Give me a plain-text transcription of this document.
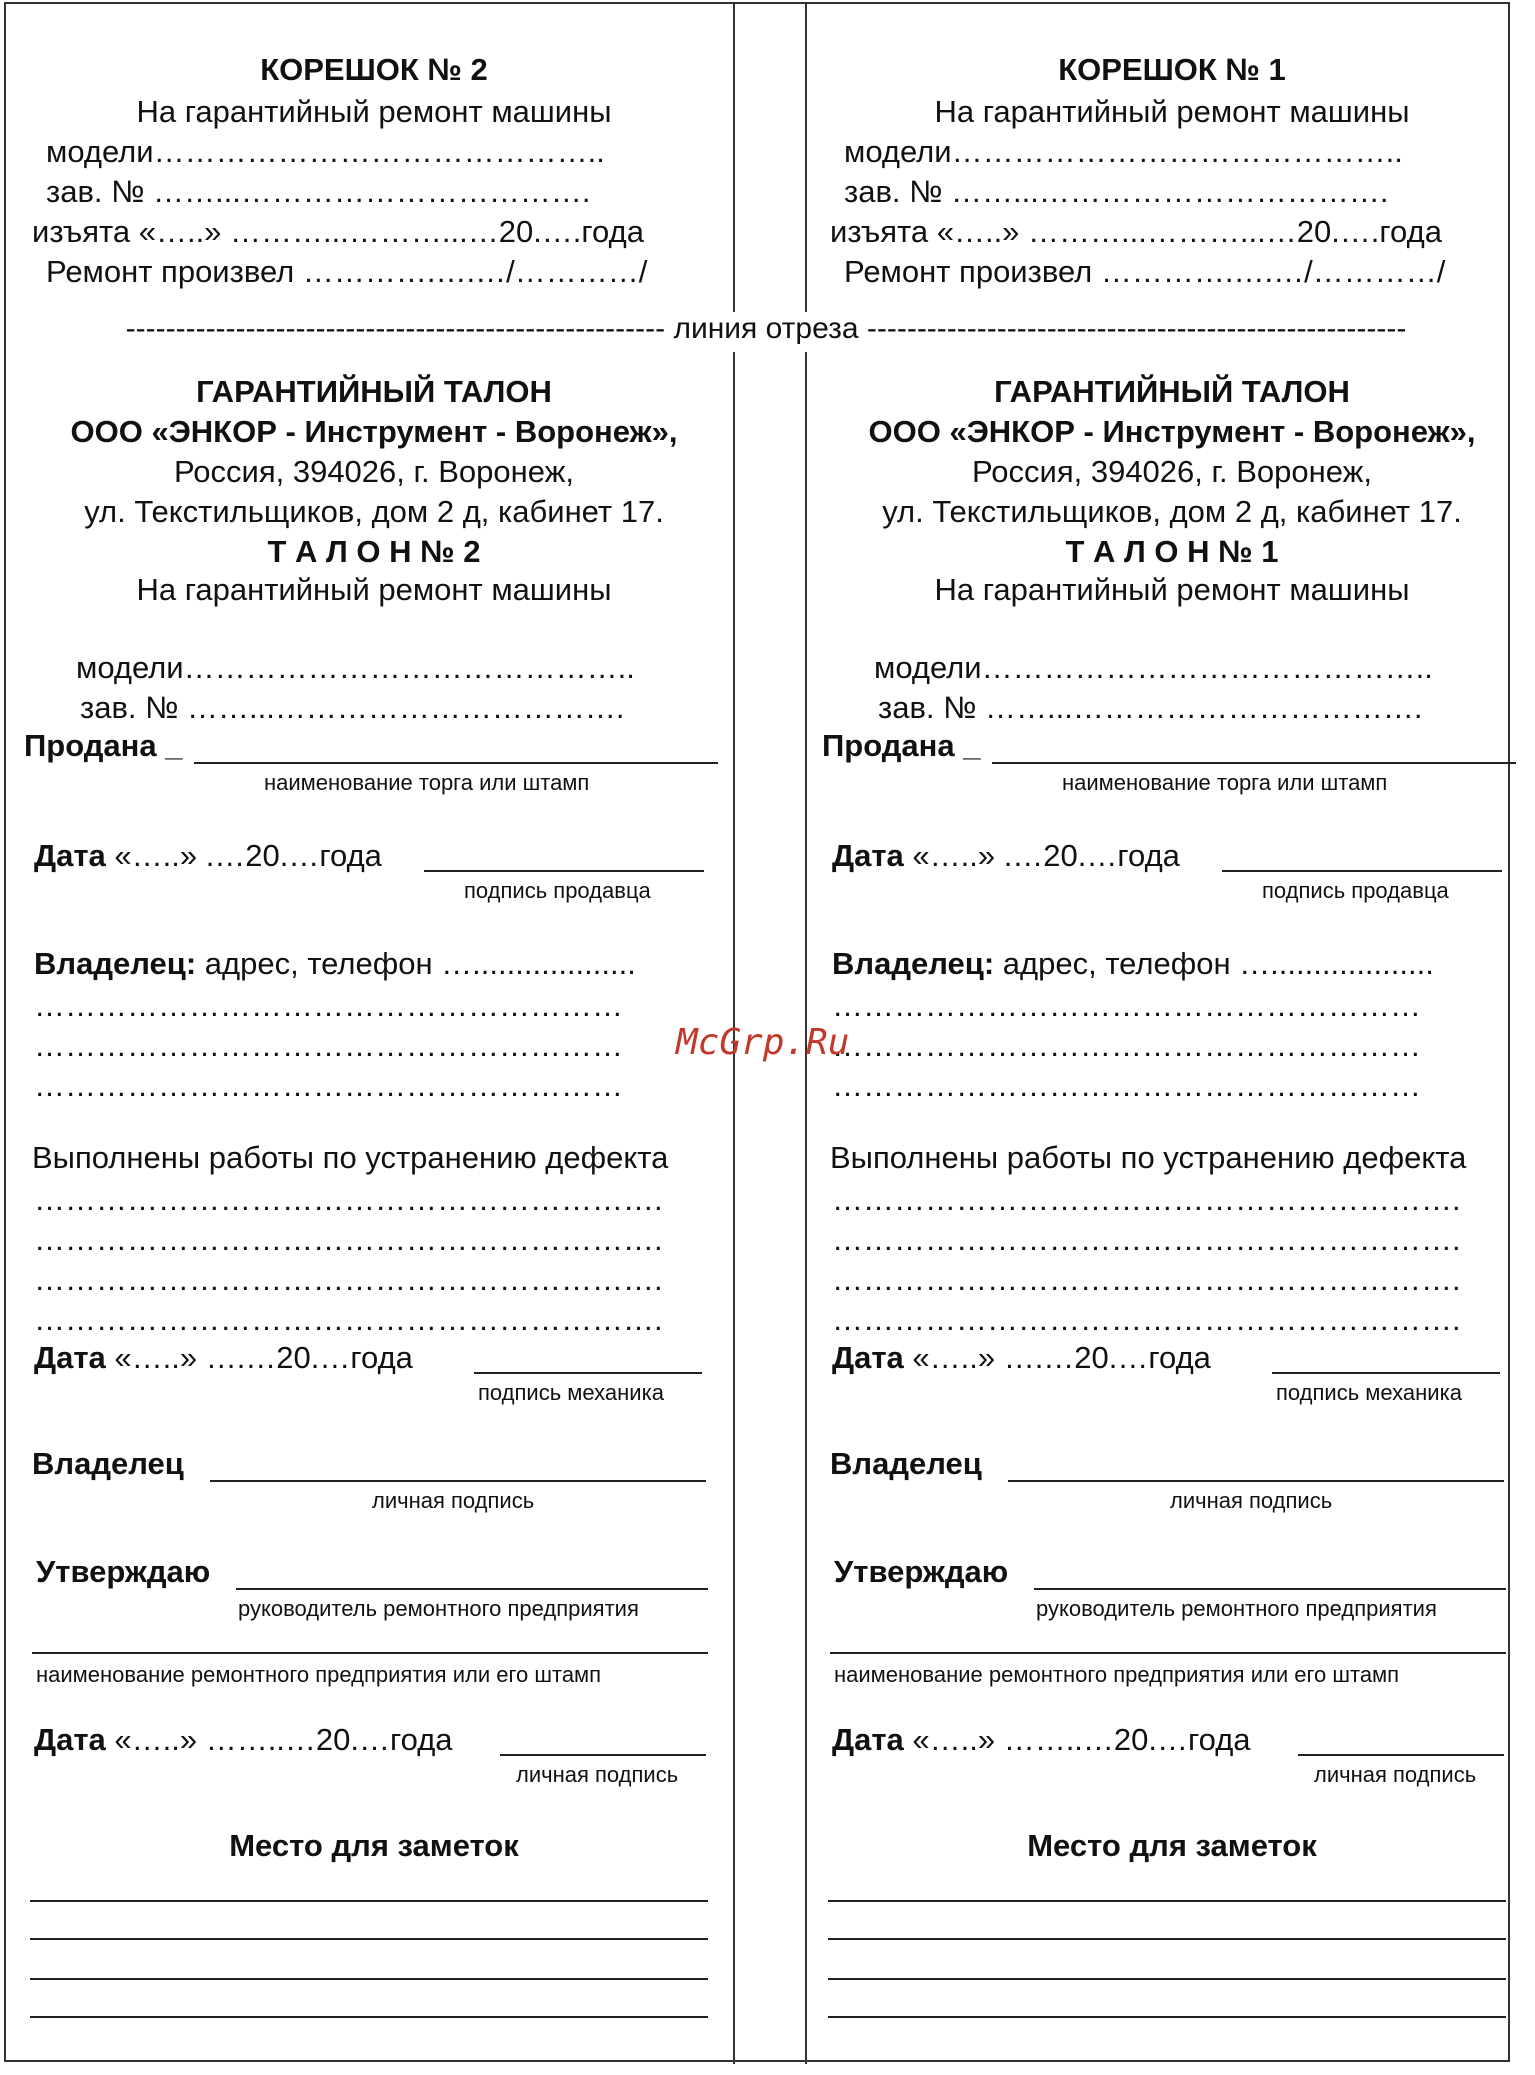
КОРЕШОК № 2
На гарантийный ремонт машины
модели……………………………………..
зав. № ……...…………………………….
изъята «…..» ………...………...…20.….года
Ремонт произвел ………….….…/…………/
ГАРАНТИЙНЫЙ ТАЛОН
ООО «ЭНКОР - Инструмент - Воронеж»,
Россия, 394026, г. Воронеж,
ул. Текстильщиков, дом 2 д, кабинет 17.
Т А Л О Н № 2
На гарантийный ремонт машины
модели……………………………………..
зав. № ……...…………………………….
Продана _
наименование торга или штамп
Дата «…..» .…20.…года
подпись продавца
Владелец: адрес, телефон …...................
…………………………………………………
…………………………………………………
…………………………………………………
Выполнены работы по устранению дефекта
…………………………………………………….
…………………………………………………….
…………………………………………………….
…………………………………………………….
Дата «…..» ….…20.…года
подпись механика
Владелец
личная подпись
Утверждаю
руководитель ремонтного предприятия
наименование ремонтного предприятия или его штамп
Дата «…..» ……..…20.…года
личная подпись
Место для заметок
КОРЕШОК № 1
На гарантийный ремонт машины
модели……………………………………..
зав. № ……...…………………………….
изъята «…..» ………...………...…20.….года
Ремонт произвел ………….….…/…………/
ГАРАНТИЙНЫЙ ТАЛОН
ООО «ЭНКОР - Инструмент - Воронеж»,
Россия, 394026, г. Воронеж,
ул. Текстильщиков, дом 2 д, кабинет 17.
Т А Л О Н № 1
На гарантийный ремонт машины
модели……………………………………..
зав. № ……...…………………………….
Продана _
наименование торга или штамп
Дата «…..» .…20.…года
подпись продавца
Владелец: адрес, телефон …...................
…………………………………………………
…………………………………………………
…………………………………………………
Выполнены работы по устранению дефекта
…………………………………………………….
…………………………………………………….
…………………………………………………….
…………………………………………………….
Дата «…..» ….…20.…года
подпись механика
Владелец
личная подпись
Утверждаю
руководитель ремонтного предприятия
наименование ремонтного предприятия или его штамп
Дата «…..» ……..…20.…года
личная подпись
Место для заметок
------------------------------------------------------ линия отреза ------------------------------------------------------
McGrp.Ru
